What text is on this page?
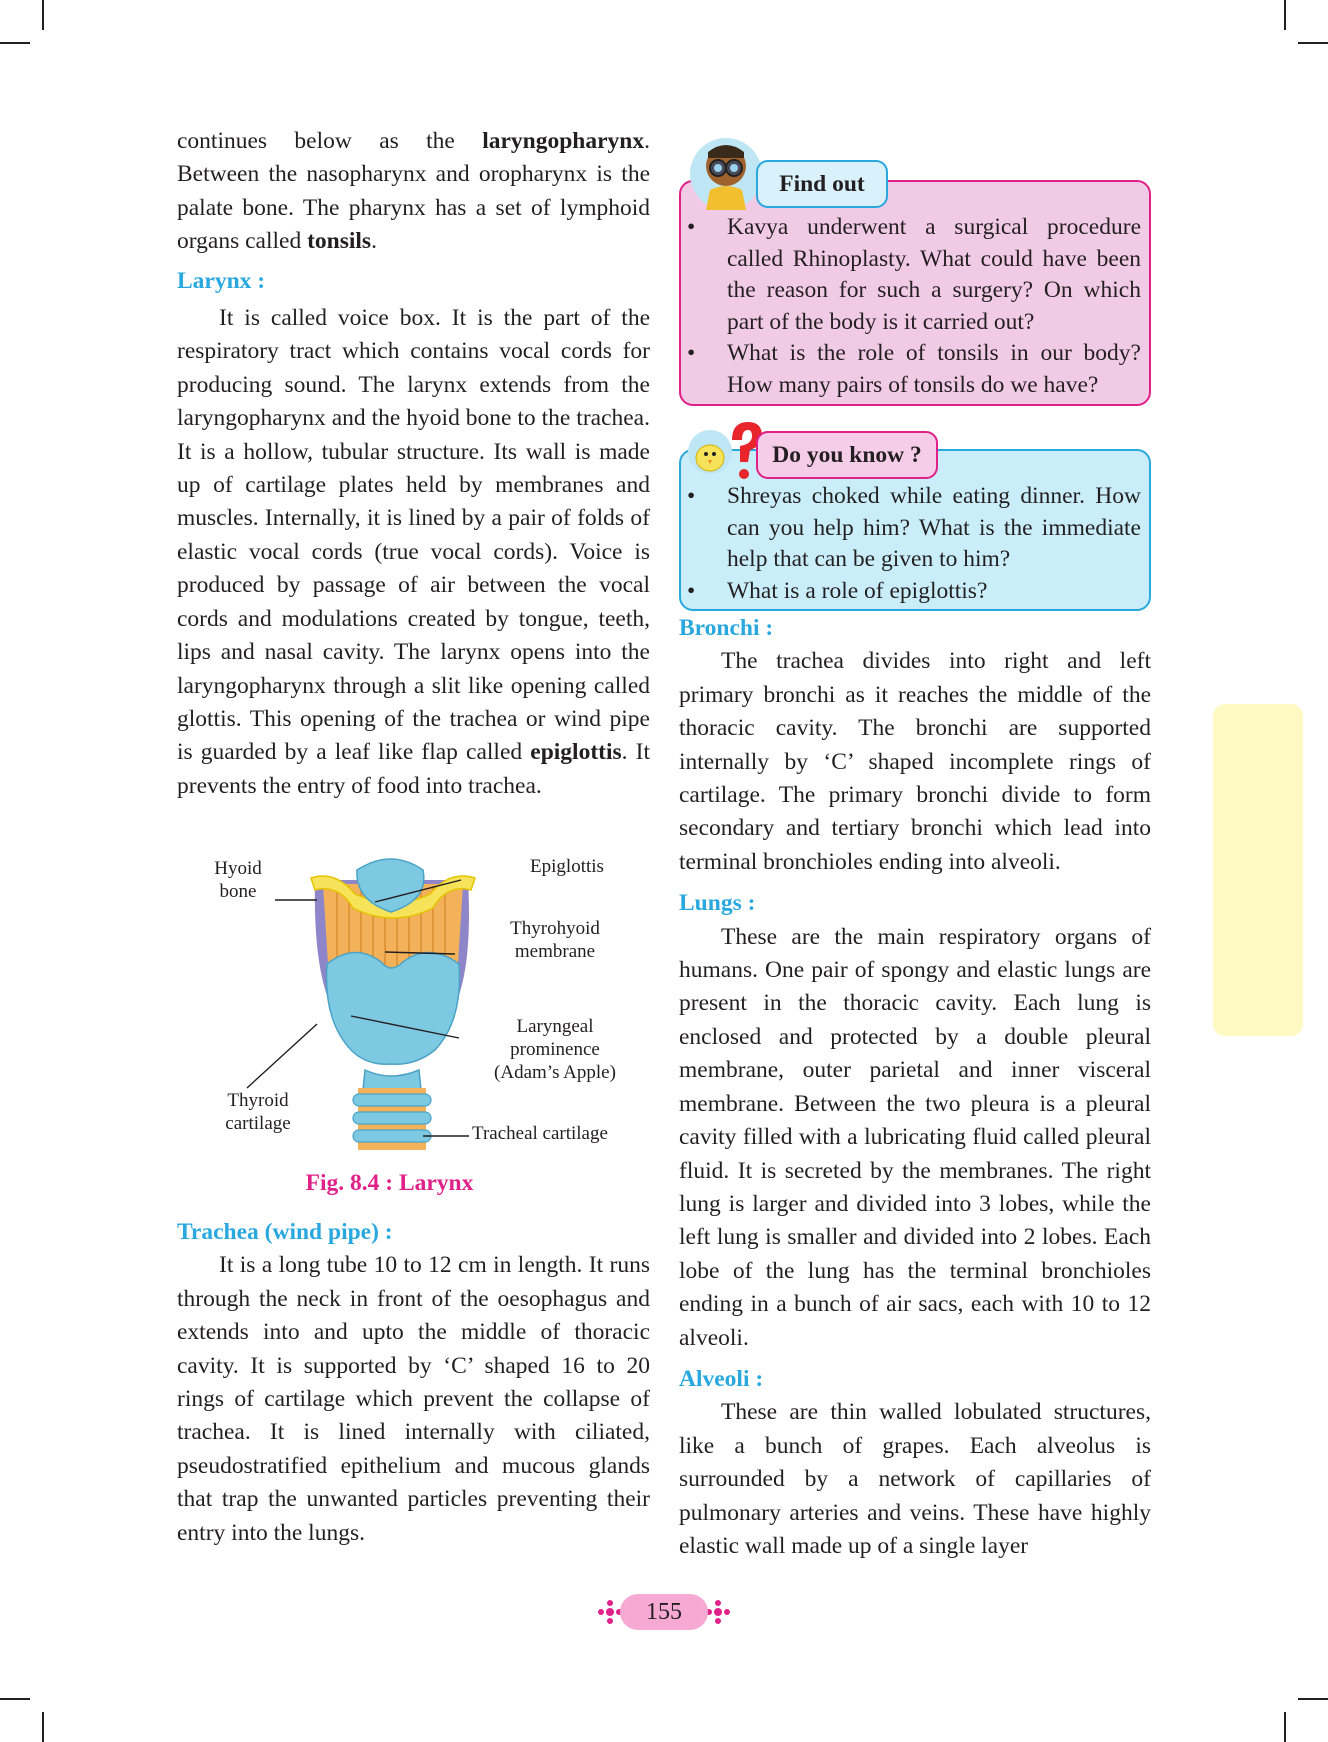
continues below as the laryngopharynx. Between the nasopharynx and oropharynx is the palate bone. The pharynx has a set of lymphoid organs called tonsils.

Larynx :

It is called voice box. It is the part of the respiratory tract which contains vocal cords for producing sound. The larynx extends from the laryngopharynx and the hyoid bone to the trachea. It is a hollow, tubular structure. Its wall is made up of cartilage plates held by membranes and muscles. Internally, it is lined by a pair of folds of elastic vocal cords (true vocal cords). Voice is produced by passage of air between the vocal cords and modulations created by tongue, teeth, lips and nasal cavity. The larynx opens into the laryngopharynx through a slit like opening called glottis. This opening of the trachea or wind pipe is guarded by a leaf like flap called epiglottis. It prevents the entry of food into trachea.

Hyoid bone
Epiglottis
Thyrohyoid membrane
Laryngeal prominence (Adam’s Apple)
Thyroid cartilage	Tracheal cartilage
Fig. 8.4 : Larynx

Trachea (wind pipe) :

It is a long tube 10 to 12 cm in length. It runs through the neck in front of the oesophagus and extends into and upto the middle of thoracic cavity. It is supported by ‘C’ shaped 16 to 20 rings of cartilage which prevent the collapse of trachea. It is lined internally with ciliated, pseudostratified epithelium and mucous glands that trap the unwanted particles preventing their entry into the lungs.

• Kavya underwent a surgical procedure called Rhinoplasty. What could have been the reason for such a surgery? On which part of the body is it carried out?
• What is the role of tonsils in our body? How many pairs of tonsils do we have?
Find out
• Shreyas choked while eating dinner. How can you help him? What is the immediate help that can be given to him?
• What is a role of epiglottis?
Do you know ?

Bronchi :

The trachea divides into right and left primary bronchi as it reaches the middle of the thoracic cavity. The bronchi are supported internally by ‘C’ shaped incomplete rings of cartilage. The primary bronchi divide to form secondary and tertiary bronchi which lead into terminal bronchioles ending into alveoli.

Lungs :

These are the main respiratory organs of humans. One pair of spongy and elastic lungs are present in the thoracic cavity. Each lung is enclosed and protected by a double pleural membrane, outer parietal and inner visceral membrane. Between the two pleura is a pleural cavity filled with a lubricating fluid called pleural fluid. It is secreted by the membranes. The right lung is larger and divided into 3 lobes, while the left lung is smaller and divided into 2 lobes. Each lobe of the lung has the terminal bronchioles ending in a bunch of air sacs, each with 10 to 12 alveoli.

Alveoli :

These are thin walled lobulated structures, like a bunch of grapes. Each alveolus is surrounded by a network of capillaries of pulmonary arteries and veins. These have highly elastic wall made up of a single layer

155
